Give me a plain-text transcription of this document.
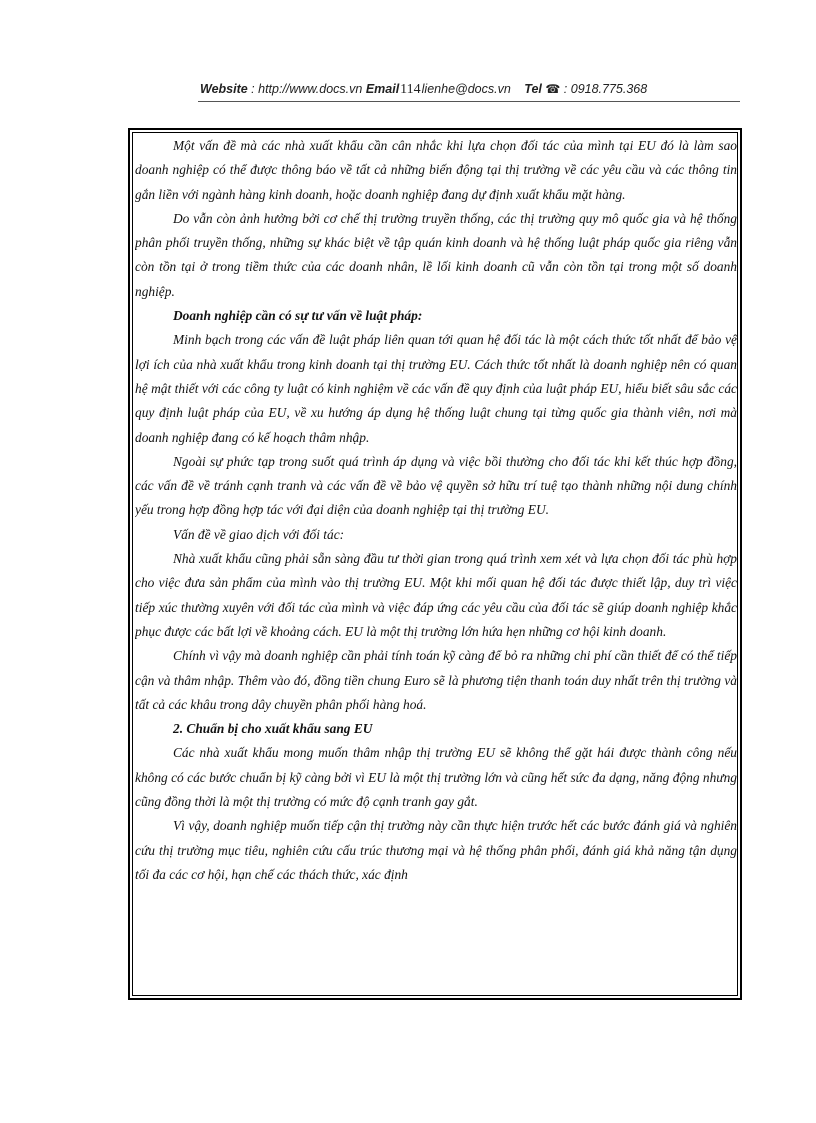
Website : http://www.docs.vn Email114lienhe@docs.vn Tel ☎ : 0918.775.368

Một vấn đề mà các nhà xuất khẩu cần cân nhắc khi lựa chọn đối tác của mình tại EU đó là làm sao doanh nghiệp có thể được thông báo về tất cả những biến động tại thị trường về các yêu cầu và các thông tin gắn liền với ngành hàng kinh doanh, hoặc doanh nghiệp đang dự định xuất khẩu mặt hàng.

Do vẫn còn ảnh hưởng bởi cơ chế thị trường truyền thống, các thị trường quy mô quốc gia và hệ thống phân phối truyền thống, những sự khác biệt về tập quán kinh doanh và hệ thống luật pháp quốc gia riêng vẫn còn tồn tại ở trong tiềm thức của các doanh nhân, lề lối kinh doanh cũ vẫn còn tồn tại trong một số doanh nghiệp.

Doanh nghiệp cần có sự tư vấn về luật pháp:

Minh bạch trong các vấn đề luật pháp liên quan tới quan hệ đối tác là một cách thức tốt nhất để bảo vệ lợi ích của nhà xuất khẩu trong kinh doanh tại thị trường EU. Cách thức tốt nhất là doanh nghiệp nên có quan hệ mật thiết với các công ty luật có kinh nghiệm về các vấn đề quy định của luật pháp EU, hiểu biết sâu sắc các quy định luật pháp của EU, về xu hướng áp dụng hệ thống luật chung tại từng quốc gia thành viên, nơi mà doanh nghiệp đang có kế hoạch thâm nhập.

Ngoài sự phức tạp trong suốt quá trình áp dụng và việc bồi thường cho đối tác khi kết thúc hợp đồng, các vấn đề về tránh cạnh tranh và các vấn đề về bảo vệ quyền sở hữu trí tuệ tạo thành những nội dung chính yếu trong hợp đồng hợp tác với đại diện của doanh nghiệp tại thị trường EU.

Vấn đề về giao dịch với đối tác:

Nhà xuất khẩu cũng phải sẵn sàng đầu tư thời gian trong quá trình xem xét và lựa chọn đối tác phù hợp cho việc đưa sản phẩm của mình vào thị trường EU. Một khi mối quan hệ đối tác được thiết lập, duy trì việc tiếp xúc thường xuyên với đối tác của mình và việc đáp ứng các yêu cầu của đối tác sẽ giúp doanh nghiệp khắc phục được các bất lợi về khoảng cách. EU là một thị trường lớn hứa hẹn những cơ hội kinh doanh.

Chính vì vậy mà doanh nghiệp cần phải tính toán kỹ càng để bỏ ra những chi phí cần thiết để có thể tiếp cận và thâm nhập. Thêm vào đó, đồng tiền chung Euro sẽ là phương tiện thanh toán duy nhất trên thị trường và tất cả các khâu trong dây chuyền phân phối hàng hoá.

2. Chuẩn bị cho xuất khẩu sang EU

Các nhà xuất khẩu mong muốn thâm nhập thị trường EU sẽ không thể gặt hái được thành công nếu không có các bước chuẩn bị kỹ càng bởi vì EU là một thị trường lớn và cũng hết sức đa dạng, năng động nhưng cũng đồng thời là một thị trường có mức độ cạnh tranh gay gắt.

Vì vậy, doanh nghiệp muốn tiếp cận thị trường này cần thực hiện trước hết các bước đánh giá và nghiên cứu thị trường mục tiêu, nghiên cứu cấu trúc thương mại và hệ thống phân phối, đánh giá khả năng tận dụng tối đa các cơ hội, hạn chế các thách thức, xác định
